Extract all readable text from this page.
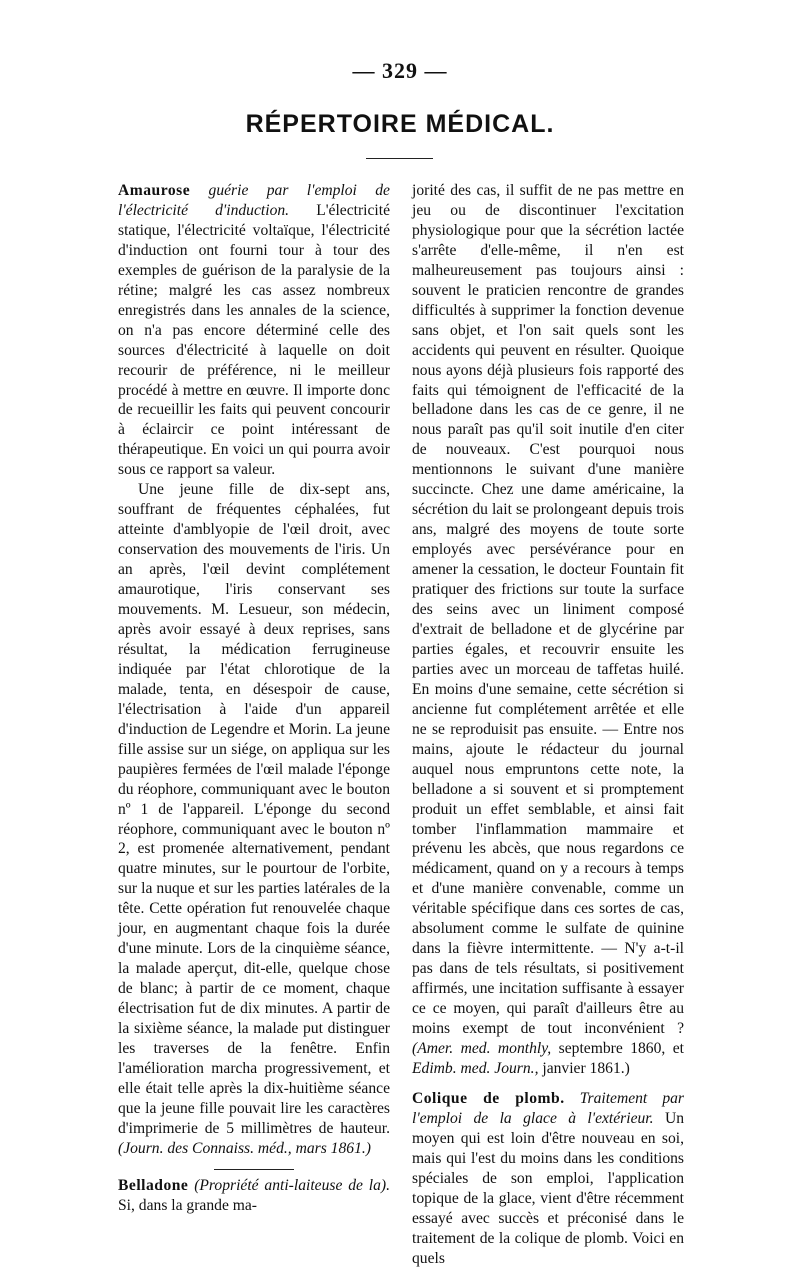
— 329 —
RÉPERTOIRE MÉDICAL.

Amaurose guérie par l'emploi de l'électricité d'induction. L'électricité statique, l'électricité voltaïque, l'électricité d'induction ont fourni tour à tour des exemples de guérison de la paralysie de la rétine; malgré les cas assez nombreux enregistrés dans les annales de la science, on n'a pas encore déterminé celle des sources d'électricité à laquelle on doit recourir de préférence, ni le meilleur procédé à mettre en œuvre. Il importe donc de recueillir les faits qui peuvent concourir à éclaircir ce point intéressant de thérapeutique. En voici un qui pourra avoir sous ce rapport sa valeur.

Une jeune fille de dix-sept ans, souffrant de fréquentes céphalées, fut atteinte d'amblyopie de l'œil droit, avec conservation des mouvements de l'iris. Un an après, l'œil devint complétement amaurotique, l'iris conservant ses mouvements. M. Lesueur, son médecin, après avoir essayé à deux reprises, sans résultat, la médication ferrugineuse indiquée par l'état chlorotique de la malade, tenta, en désespoir de cause, l'électrisation à l'aide d'un appareil d'induction de Legendre et Morin. La jeune fille assise sur un siége, on appliqua sur les paupières fermées de l'œil malade l'éponge du réophore, communiquant avec le bouton nº 1 de l'appareil. L'éponge du second réophore, communiquant avec le bouton nº 2, est promenée alternativement, pendant quatre minutes, sur le pourtour de l'orbite, sur la nuque et sur les parties latérales de la tête. Cette opération fut renouvelée chaque jour, en augmentant chaque fois la durée d'une minute. Lors de la cinquième séance, la malade aperçut, dit-elle, quelque chose de blanc; à partir de ce moment, chaque électrisation fut de dix minutes. A partir de la sixième séance, la malade put distinguer les traverses de la fenêtre. Enfin l'amélioration marcha progressivement, et elle était telle après la dix-huitième séance que la jeune fille pouvait lire les caractères d'imprimerie de 5 millimètres de hauteur. (Journ. des Connaiss. méd., mars 1861.)

Belladone (Propriété anti-laiteuse de la). Si, dans la grande ma-

jorité des cas, il suffit de ne pas mettre en jeu ou de discontinuer l'excitation physiologique pour que la sécrétion lactée s'arrête d'elle-même, il n'en est malheureusement pas toujours ainsi : souvent le praticien rencontre de grandes difficultés à supprimer la fonction devenue sans objet, et l'on sait quels sont les accidents qui peuvent en résulter. Quoique nous ayons déjà plusieurs fois rapporté des faits qui témoignent de l'efficacité de la belladone dans les cas de ce genre, il ne nous paraît pas qu'il soit inutile d'en citer de nouveaux. C'est pourquoi nous mentionnons le suivant d'une manière succincte. Chez une dame américaine, la sécrétion du lait se prolongeant depuis trois ans, malgré des moyens de toute sorte employés avec persévérance pour en amener la cessation, le docteur Fountain fit pratiquer des frictions sur toute la surface des seins avec un liniment composé d'extrait de belladone et de glycérine par parties égales, et recouvrir ensuite les parties avec un morceau de taffetas huilé. En moins d'une semaine, cette sécrétion si ancienne fut complétement arrêtée et elle ne se reproduisit pas ensuite. — Entre nos mains, ajoute le rédacteur du journal auquel nous empruntons cette note, la belladone a si souvent et si promptement produit un effet semblable, et ainsi fait tomber l'inflammation mammaire et prévenu les abcès, que nous regardons ce médicament, quand on y a recours à temps et d'une manière convenable, comme un véritable spécifique dans ces sortes de cas, absolument comme le sulfate de quinine dans la fièvre intermittente. — N'y a-t-il pas dans de tels résultats, si positivement affirmés, une incitation suffisante à essayer ce ce moyen, qui paraît d'ailleurs être au moins exempt de tout inconvénient ? (Amer. med. monthly, septembre 1860, et Edimb. med. Journ., janvier 1861.)

Colique de plomb. Traitement par l'emploi de la glace à l'extérieur. Un moyen qui est loin d'être nouveau en soi, mais qui l'est du moins dans les conditions spéciales de son emploi, l'application topique de la glace, vient d'être récemment essayé avec succès et préconisé dans le traitement de la colique de plomb. Voici en quels
